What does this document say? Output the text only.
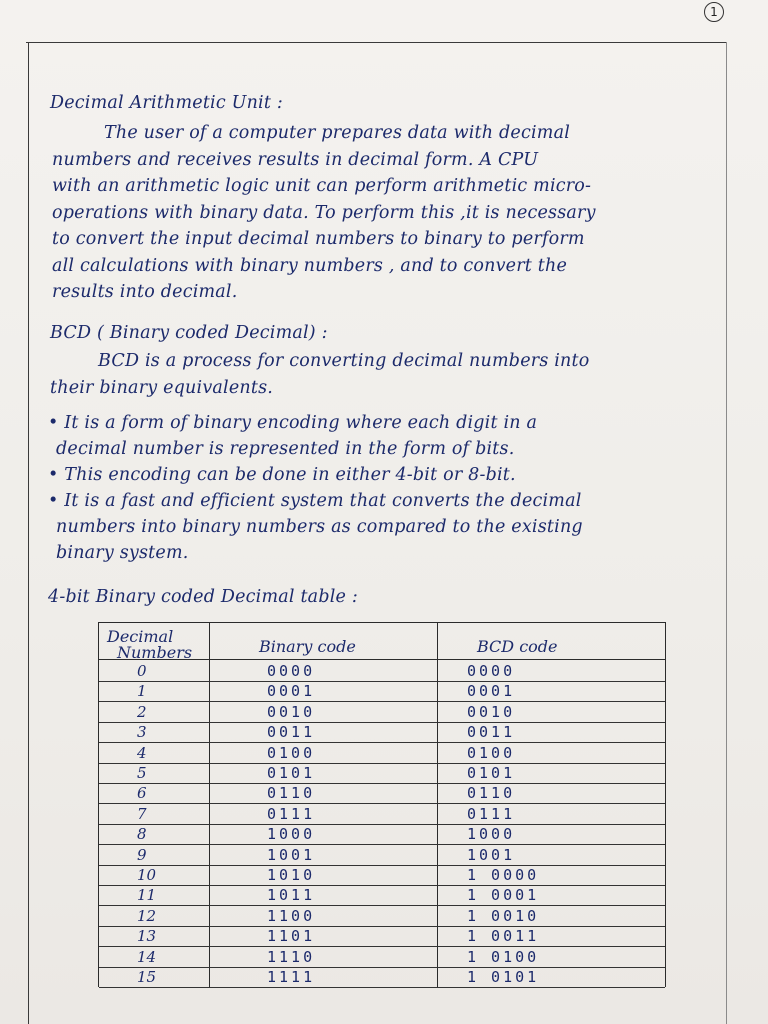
1
Decimal Arithmetic Unit :
The user of a computer prepares data with decimal
numbers and receives results in decimal form. A CPU
with an arithmetic logic unit can perform arithmetic micro-
operations with binary data. To perform this ,it is necessary
to convert the input decimal numbers to binary to perform
all calculations with binary numbers , and to convert the
results into decimal.
BCD ( Binary coded Decimal) :
BCD is a process for converting decimal numbers into
their binary equivalents.
• It is a form of binary encoding where each digit in a
decimal number is represented in the form of bits.
• This encoding can be done in either 4-bit or 8-bit.
• It is a fast and efficient system that converts the decimal
numbers into binary numbers as compared to the existing
binary system.
4-bit Binary coded Decimal table :
Decimal
Numbers	Binary code	BCD code
0	0000	0000
1	0001	0001
2	0010	0010
3	0011	0011
4	0100	0100
5	0101	0101
6	0110	0110
7	0111	0111
8	1000	1000
9	1001	1001
10	1010	1 0000
11	1011	1 0001
12	1100	1 0010
13	1101	1 0011
14	1110	1 0100
15	1111	1 0101
